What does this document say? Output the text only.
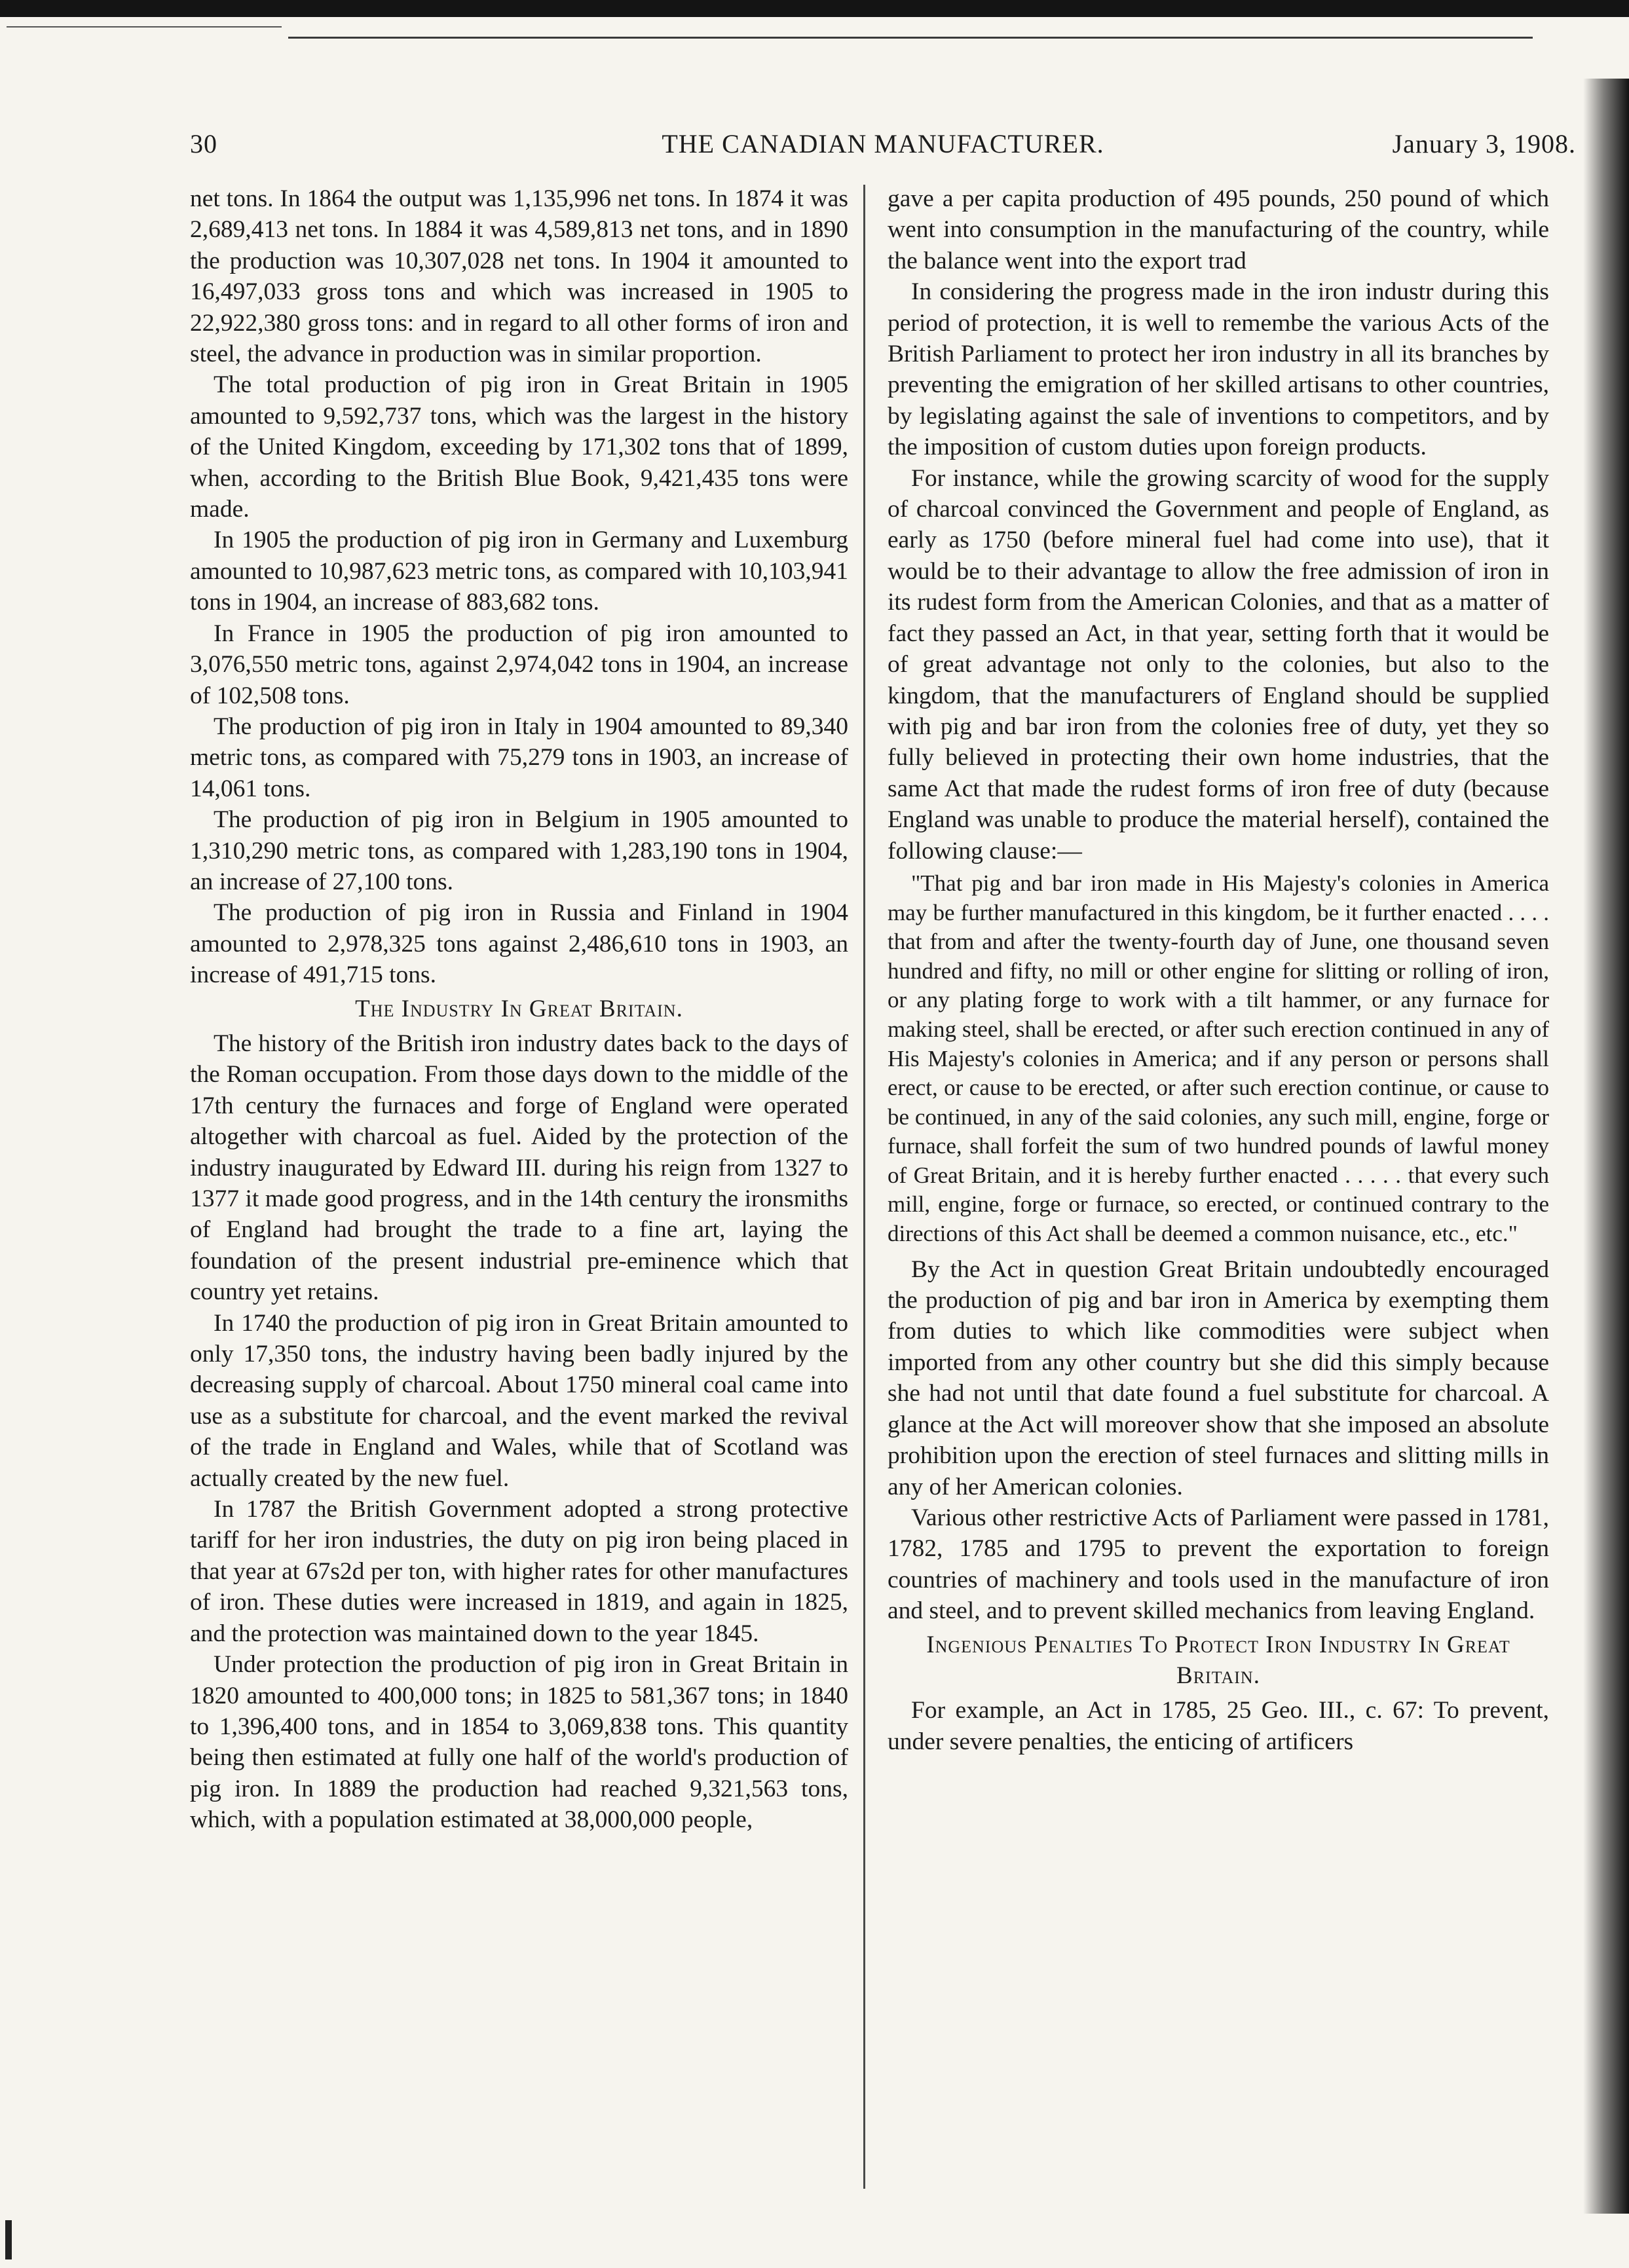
30	THE CANADIAN MANUFACTURER.	January 3, 1908.

net tons. In 1864 the output was 1,135,996 net tons. In 1874 it was 2,689,413 net tons. In 1884 it was 4,589,813 net tons, and in 1890 the production was 10,307,028 net tons. In 1904 it amounted to 16,497,033 gross tons and which was increased in 1905 to 22,922,380 gross tons: and in regard to all other forms of iron and steel, the advance in production was in similar proportion.

The total production of pig iron in Great Britain in 1905 amounted to 9,592,737 tons, which was the largest in the history of the United Kingdom, exceeding by 171,302 tons that of 1899, when, according to the British Blue Book, 9,421,435 tons were made.

In 1905 the production of pig iron in Germany and Luxemburg amounted to 10,987,623 metric tons, as compared with 10,103,941 tons in 1904, an increase of 883,682 tons.

In France in 1905 the production of pig iron amounted to 3,076,550 metric tons, against 2,974,042 tons in 1904, an increase of 102,508 tons.

The production of pig iron in Italy in 1904 amounted to 89,340 metric tons, as compared with 75,279 tons in 1903, an increase of 14,061 tons.

The production of pig iron in Belgium in 1905 amounted to 1,310,290 metric tons, as compared with 1,283,190 tons in 1904, an increase of 27,100 tons.

The production of pig iron in Russia and Finland in 1904 amounted to 2,978,325 tons against 2,486,610 tons in 1903, an increase of 491,715 tons.

The Industry In Great Britain.

The history of the British iron industry dates back to the days of the Roman occupation. From those days down to the middle of the 17th century the furnaces and forge of England were operated altogether with charcoal as fuel. Aided by the protection of the industry inaugurated by Edward III. during his reign from 1327 to 1377 it made good progress, and in the 14th century the ironsmiths of England had brought the trade to a fine art, laying the foundation of the present industrial pre-eminence which that country yet retains.

In 1740 the production of pig iron in Great Britain amounted to only 17,350 tons, the industry having been badly injured by the decreasing supply of charcoal. About 1750 mineral coal came into use as a substitute for charcoal, and the event marked the revival of the trade in England and Wales, while that of Scotland was actually created by the new fuel.

In 1787 the British Government adopted a strong protective tariff for her iron industries, the duty on pig iron being placed in that year at 67s2d per ton, with higher rates for other manufactures of iron. These duties were increased in 1819, and again in 1825, and the protection was maintained down to the year 1845.

Under protection the production of pig iron in Great Britain in 1820 amounted to 400,000 tons; in 1825 to 581,367 tons; in 1840 to 1,396,400 tons, and in 1854 to 3,069,838 tons. This quantity being then estimated at fully one half of the world's production of pig iron. In 1889 the production had reached 9,321,563 tons, which, with a population estimated at 38,000,000 people,

gave a per capita production of 495 pounds, 250 pound of which went into consumption in the manufacturing of the country, while the balance went into the export trad

In considering the progress made in the iron industr during this period of protection, it is well to remembe the various Acts of the British Parliament to protect her iron industry in all its branches by preventing the emigration of her skilled artisans to other countries, by legislating against the sale of inventions to competitors, and by the imposition of custom duties upon foreign products.

For instance, while the growing scarcity of wood for the supply of charcoal convinced the Government and people of England, as early as 1750 (before mineral fuel had come into use), that it would be to their advantage to allow the free admission of iron in its rudest form from the American Colonies, and that as a matter of fact they passed an Act, in that year, setting forth that it would be of great advantage not only to the colonies, but also to the kingdom, that the manufacturers of England should be supplied with pig and bar iron from the colonies free of duty, yet they so fully believed in protecting their own home industries, that the same Act that made the rudest forms of iron free of duty (because England was unable to produce the material herself), contained the following clause:—

"That pig and bar iron made in His Majesty's colonies in America may be further manufactured in this kingdom, be it further enacted . . . . that from and after the twenty-fourth day of June, one thousand seven hundred and fifty, no mill or other engine for slitting or rolling of iron, or any plating forge to work with a tilt hammer, or any furnace for making steel, shall be erected, or after such erection continued in any of His Majesty's colonies in America; and if any person or persons shall erect, or cause to be erected, or after such erection continue, or cause to be continued, in any of the said colonies, any such mill, engine, forge or furnace, shall forfeit the sum of two hundred pounds of lawful money of Great Britain, and it is hereby further enacted . . . . . that every such mill, engine, forge or furnace, so erected, or continued contrary to the directions of this Act shall be deemed a common nuisance, etc., etc."

By the Act in question Great Britain undoubtedly encouraged the production of pig and bar iron in America by exempting them from duties to which like commodities were subject when imported from any other country but she did this simply because she had not until that date found a fuel substitute for charcoal. A glance at the Act will moreover show that she imposed an absolute prohibition upon the erection of steel furnaces and slitting mills in any of her American colonies.

Various other restrictive Acts of Parliament were passed in 1781, 1782, 1785 and 1795 to prevent the exportation to foreign countries of machinery and tools used in the manufacture of iron and steel, and to prevent skilled mechanics from leaving England.

Ingenious Penalties To Protect Iron Industry In Great Britain.

For example, an Act in 1785, 25 Geo. III., c. 67: To prevent, under severe penalties, the enticing of artificers
